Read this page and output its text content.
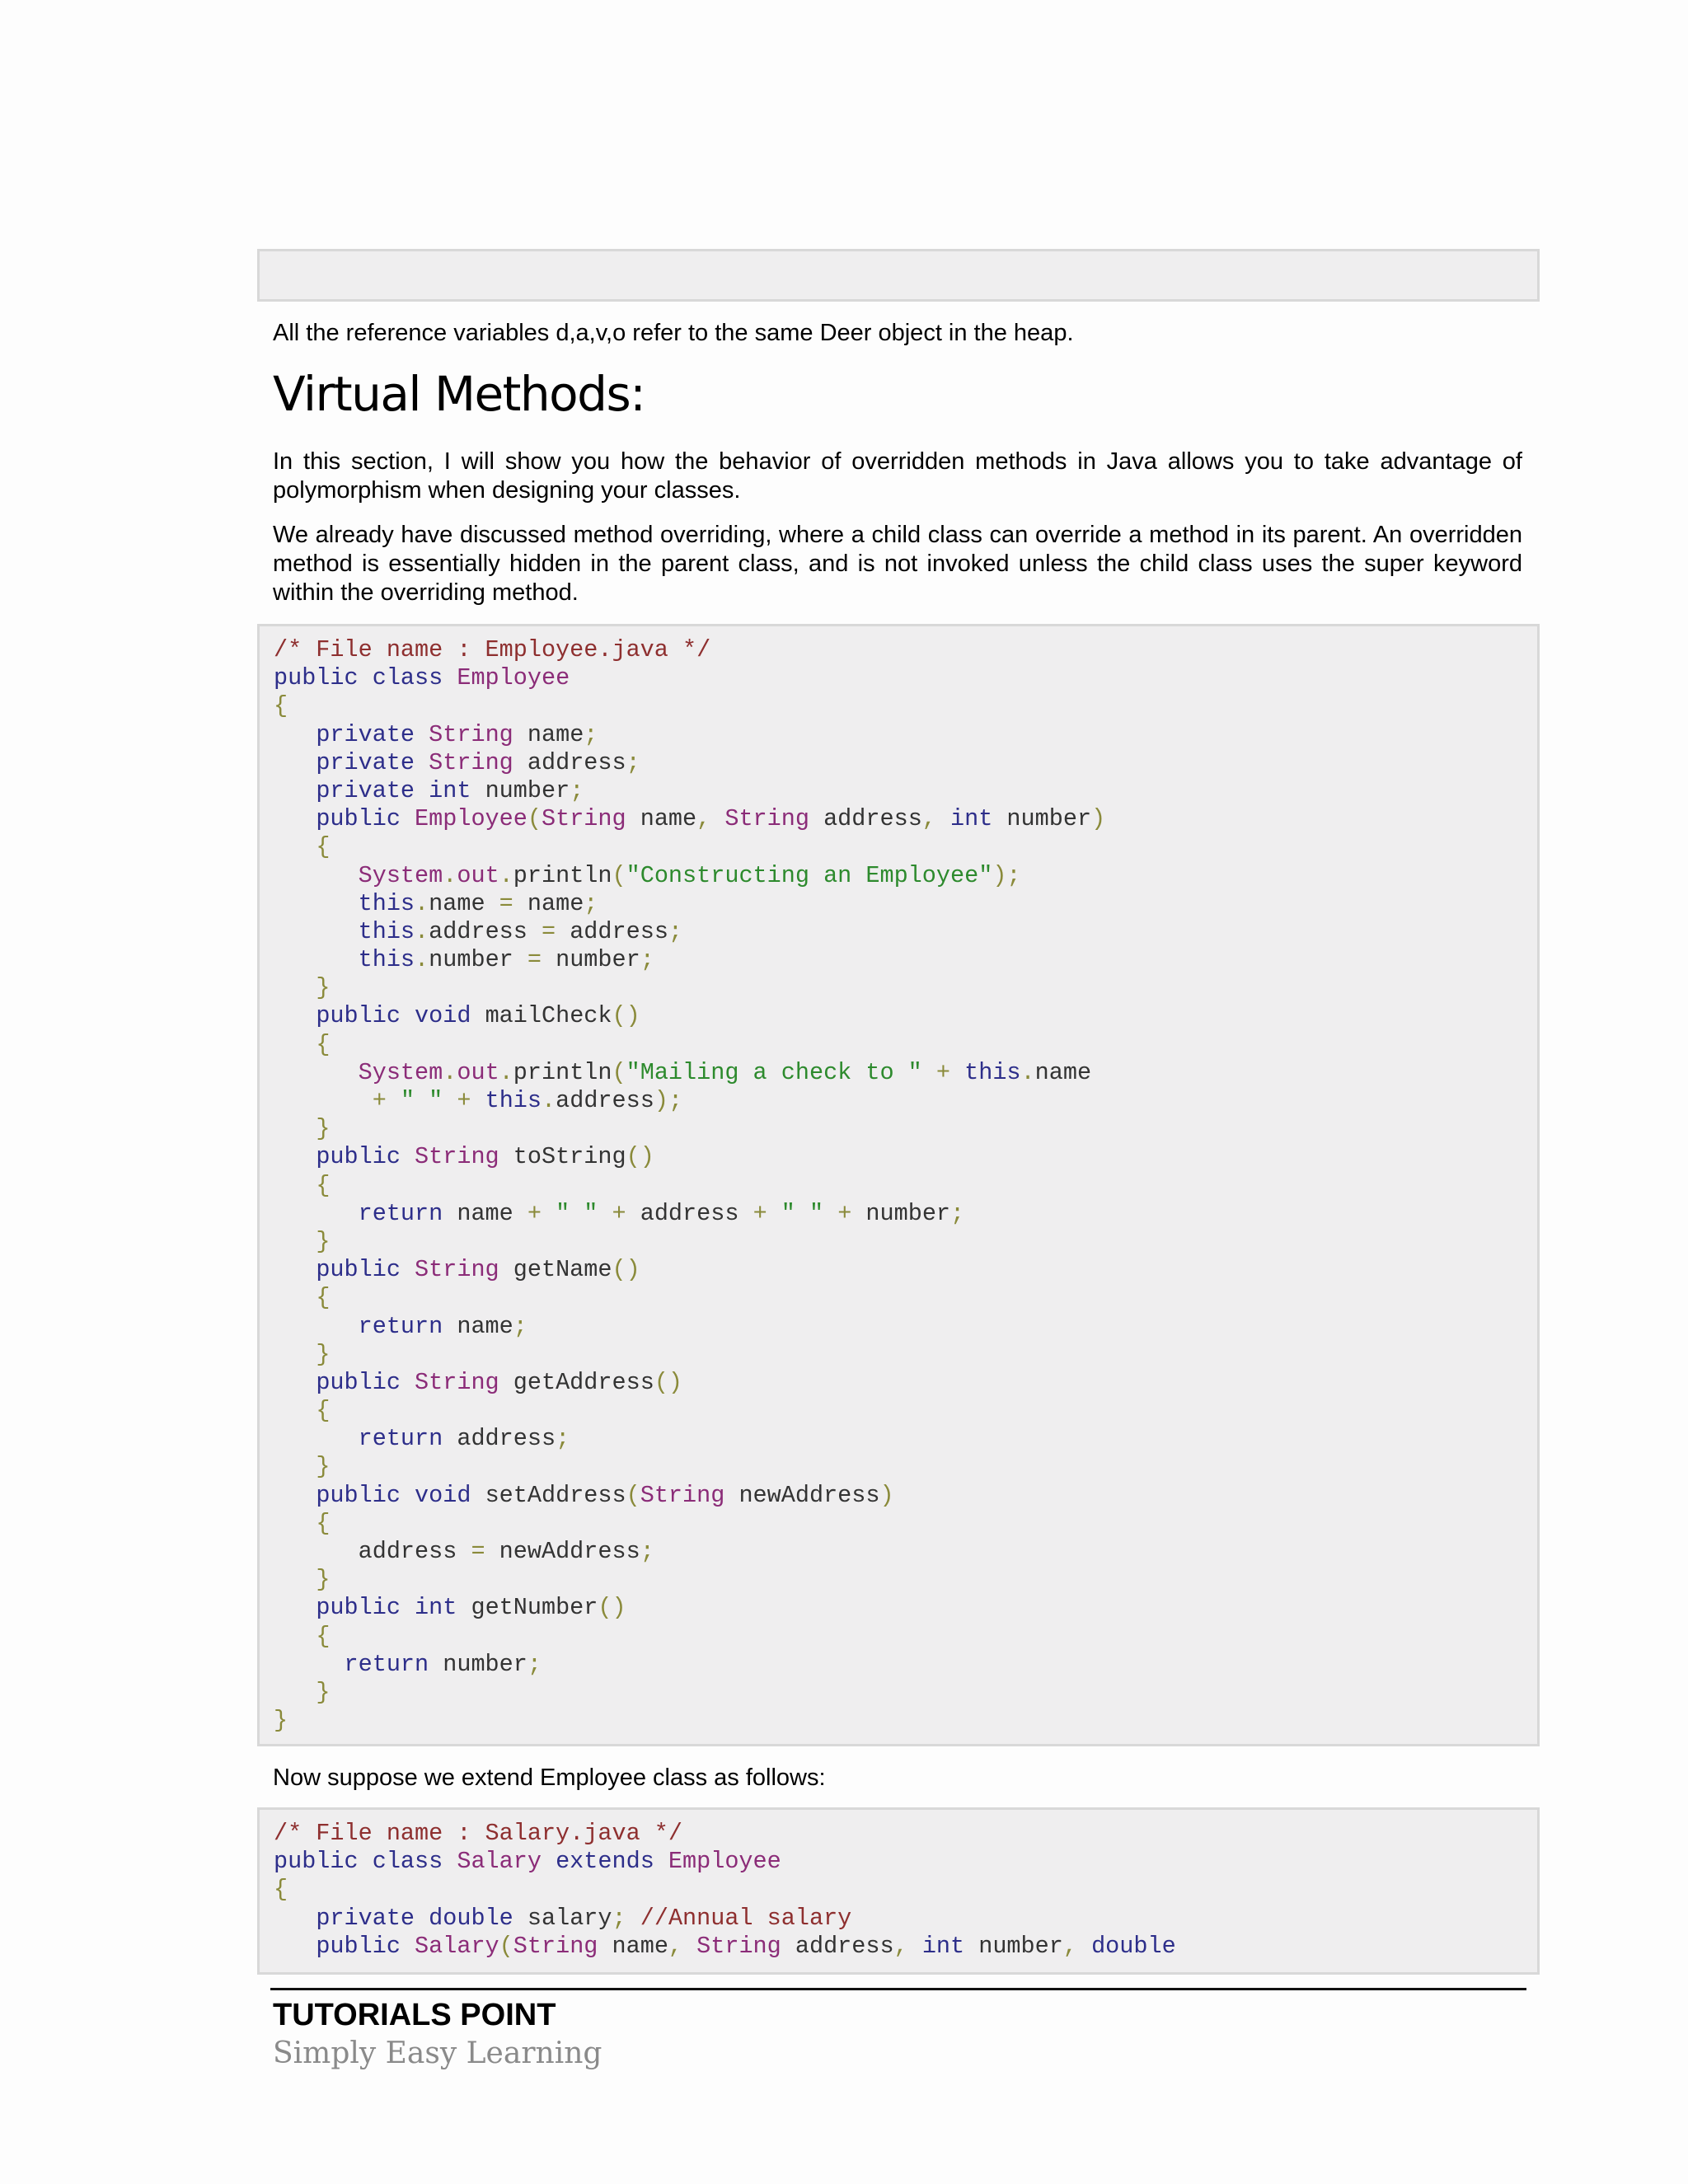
All the reference variables d,a,v,o refer to the same Deer object in the heap.

Virtual Methods:

In this section, I will show you how the behavior of overridden methods in Java allows you to take advantage of polymorphism when designing your classes.

We already have discussed method overriding, where a child class can override a method in its parent. An overridden method is essentially hidden in the parent class, and is not invoked unless the child class uses the super keyword within the overriding method.

/* File name : Employee.java */
public class Employee
{
private String name;
private String address;
private int number;
public Employee(String name, String address, int number)
{
System.out.println("Constructing an Employee");
this.name = name;
this.address = address;
this.number = number;
}
public void mailCheck()
{
System.out.println("Mailing a check to " + this.name
+ " " + this.address);
}
public String toString()
{
return name + " " + address + " " + number;
}
public String getName()
{
return name;
}
public String getAddress()
{
return address;
}
public void setAddress(String newAddress)
{
address = newAddress;
}
public int getNumber()
{
return number;
}
}

Now suppose we extend Employee class as follows:

/* File name : Salary.java */
public class Salary extends Employee
{
private double salary; //Annual salary
public Salary(String name, String address, int number, double
TUTORIALS POINT
Simply Easy Learning
